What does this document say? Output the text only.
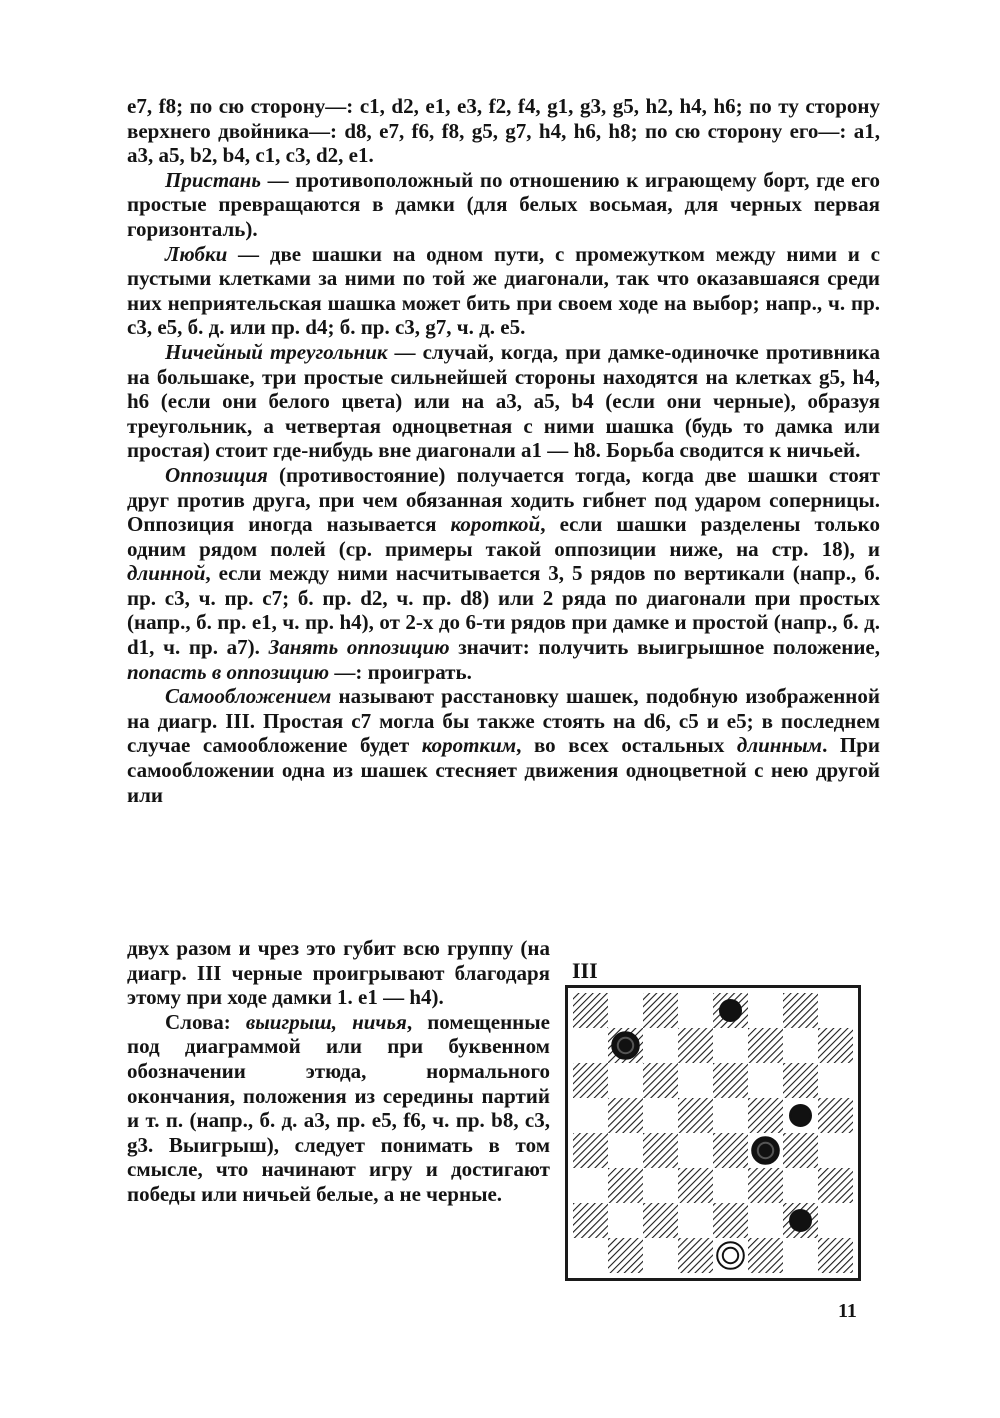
e7, f8; по сю сторону—: c1, d2, e1, e3, f2, f4, g1, g3, g5, h2, h4, h6; по ту сторону верхнего двойника—: d8, e7, f6, f8, g5, g7, h4, h6, h8; по сю сторону его—: a1, a3, a5, b2, b4, c1, c3, d2, e1.

Пристань — противоположный по отношению к играющему борт, где его простые превращаются в дамки (для белых восьмая, для черных первая горизонталь).

Любки — две шашки на одном пути, с промежутком между ними и с пустыми клетками за ними по той же диагонали, так что оказавшаяся среди них неприятельская шашка может бить при своем ходе на выбор; напр., ч. пр. c3, e5, б. д. или пр. d4; б. пр. c3, g7, ч. д. e5.

Ничейный треугольник — случай, когда, при дамке-одиночке противника на большаке, три простые сильнейшей стороны находятся на клетках g5, h4, h6 (если они белого цвета) или на a3, a5, b4 (если они черные), образуя треугольник, а четвертая одноцветная с ними шашка (будь то дамка или простая) стоит где-нибудь вне диагонали a1 — h8. Борьба сводится к ничьей.

Оппозиция (противостояние) получается тогда, когда две шашки стоят друг против друга, при чем обязанная ходить гибнет под ударом соперницы. Оппозиция иногда называется короткой, если шашки разделены только одним рядом полей (ср. примеры такой оппозиции ниже, на стр. 18), и длинной, если между ними насчитывается 3, 5 рядов по вертикали (напр., б. пр. c3, ч. пр. c7; б. пр. d2, ч. пр. d8) или 2 ряда по диагонали при простых (напр., б. пр. e1, ч. пр. h4), от 2-х до 6-ти рядов при дамке и простой (напр., б. д. d1, ч. пр. a7). Занять оппозицию значит: получить выигрышное положение, попасть в оппозицию —: проиграть.

Самообложением называют расстановку шашек, подобную изображенной на диагр. III. Простая c7 могла бы также стоять на d6, c5 и e5; в последнем случае самообложение будет коротким, во всех остальных длинным. При самообложении одна из шашек стесняет движения одноцветной с нею другой или

двух разом и чрез это губит всю группу (на диагр. III черные проигрывают благодаря этому при ходе дамки 1. e1 — h4).

Слова: выигрыш, ничья, помещенные под диаграммой или при буквенном обозначении этюда, нормального окончания, положения из середины партий и т. п. (напр., б. д. a3, пр. e5, f6, ч. пр. b8, c3, g3. Выигрыш), следует понимать в том смысле, что начинают игру и достигают победы или ничьей белые, а не черные.

III
11
